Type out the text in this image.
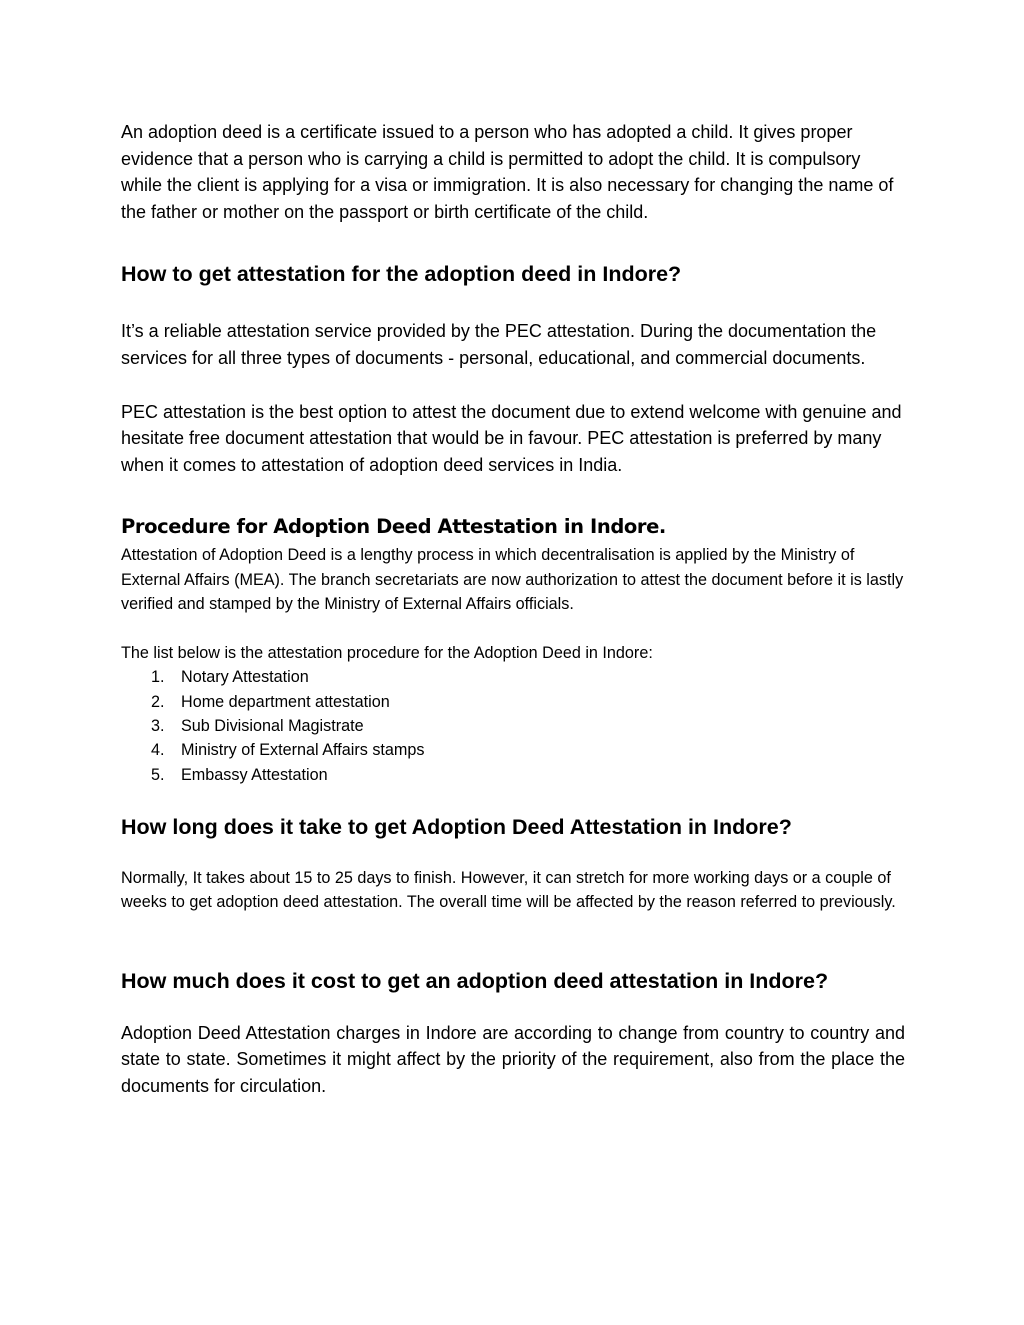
An adoption deed is a certificate issued to a person who has adopted a child. It gives proper evidence that a person who is carrying a child is permitted to adopt the child. It is compulsory while the client is applying for a visa or immigration. It is also necessary for changing the name of the father or mother on the passport or birth certificate of the child.

How to get attestation for the adoption deed in Indore?

It’s a reliable attestation service provided by the PEC attestation. During the documentation the services for all three types of documents - personal, educational, and commercial documents.

PEC attestation is the best option to attest the document due to extend welcome with genuine and hesitate free document attestation that would be in favour. PEC attestation is preferred by many when it comes to attestation of adoption deed services in India.

Procedure for Adoption Deed Attestation in Indore.

Attestation of Adoption Deed is a lengthy process in which decentralisation is applied by the Ministry of External Affairs (MEA). The branch secretariats are now authorization to attest the document before it is lastly verified and stamped by the Ministry of External Affairs officials.

The list below is the attestation procedure for the Adoption Deed in Indore:

1. Notary Attestation
2. Home department attestation
3. Sub Divisional Magistrate
4. Ministry of External Affairs stamps
5. Embassy Attestation
How long does it take to get Adoption Deed Attestation in Indore?

Normally, It takes about 15 to 25 days to finish. However, it can stretch for more working days or a couple of weeks to get adoption deed attestation. The overall time will be affected by the reason referred to previously.

How much does it cost to get an adoption deed attestation in Indore?

Adoption Deed Attestation charges in Indore are according to change from country to country and state to state. Sometimes it might affect by the priority of the requirement, also from the place the documents for circulation.
